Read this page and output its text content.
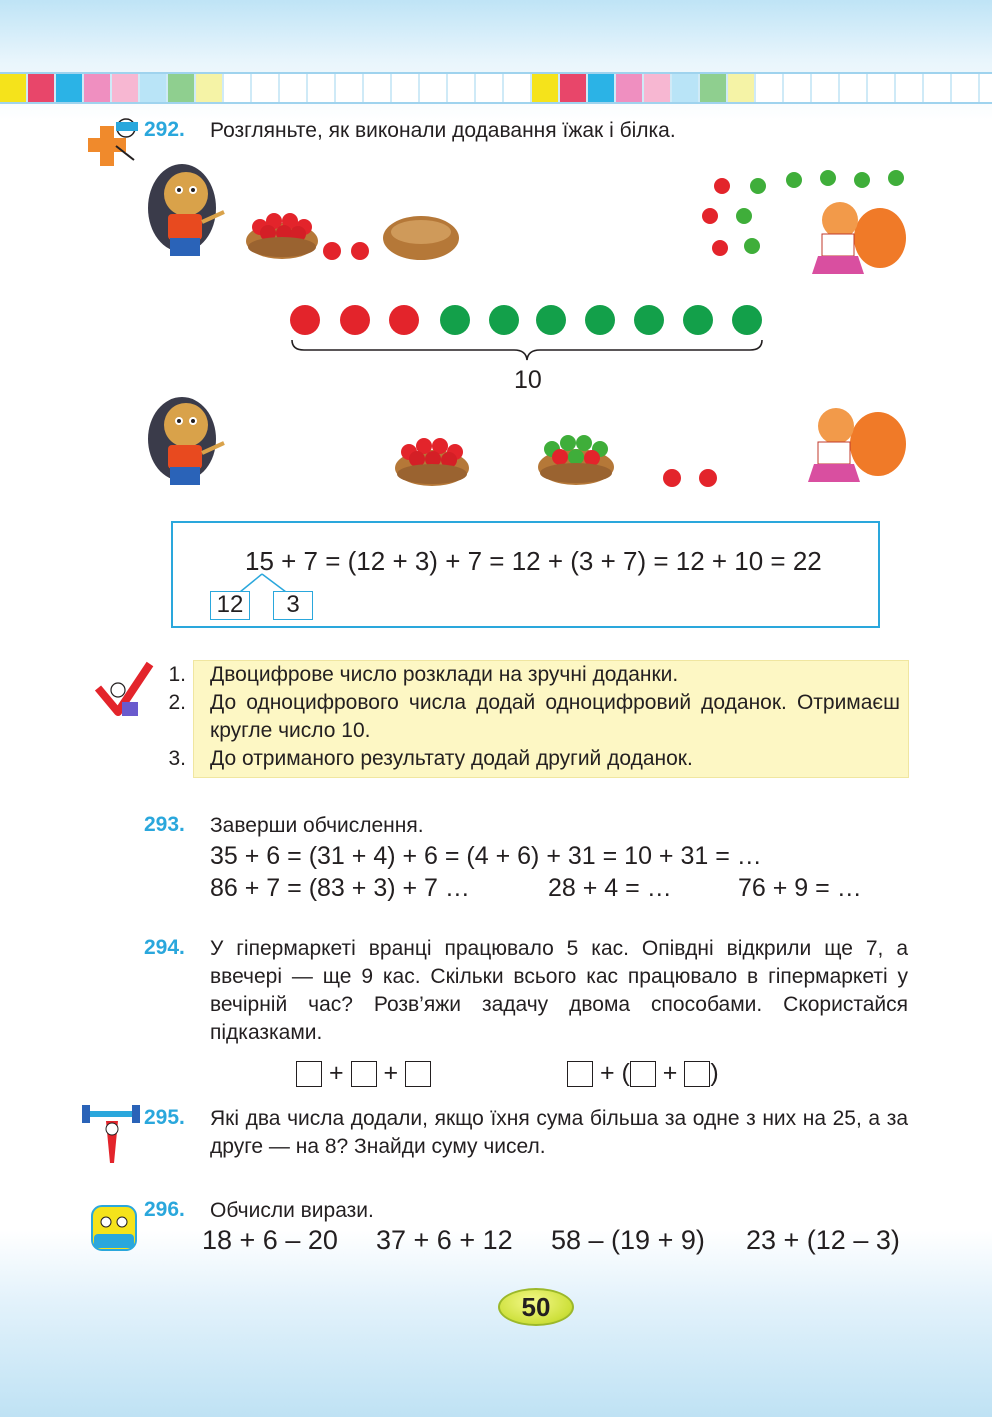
292. Розгляньте, як виконали додавання їжак і білка.
10
15 + 7 = (12 + 3) + 7 = 12 + (3 + 7) = 12 + 10 = 22
12	3
1. Двоцифрове число розклади на зручні доданки.
2. До одноцифрового числа додай одноцифровий доданок. Отримаєш кругле число 10.
3. До отриманого результату додай другий доданок.
293. Заверши обчислення.
35 + 6 = (31 + 4) + 6 = (4 + 6) + 31 = 10 + 31 = …
86 + 7 = (83 + 3) + 7 …	28 + 4 = …	76 + 9 = …
294. У гіпермаркеті вранці працювало 5 кас. Опівдні відкрили ще 7, а ввечері — ще 9 кас. Скільки всього кас працювало в гіпермаркеті у вечірній час? Розв’яжи задачу двома способами. Скористайся підказками.
+ +	+ ( + )
295. Які два числа додали, якщо їхня сума більша за одне з них на 25, а за друге — на 8? Знайди суму чисел.
296. Обчисли вирази.
18 + 6 – 20 37 + 6 + 12 58 – (19 + 9) 23 + (12 – 3)
50
